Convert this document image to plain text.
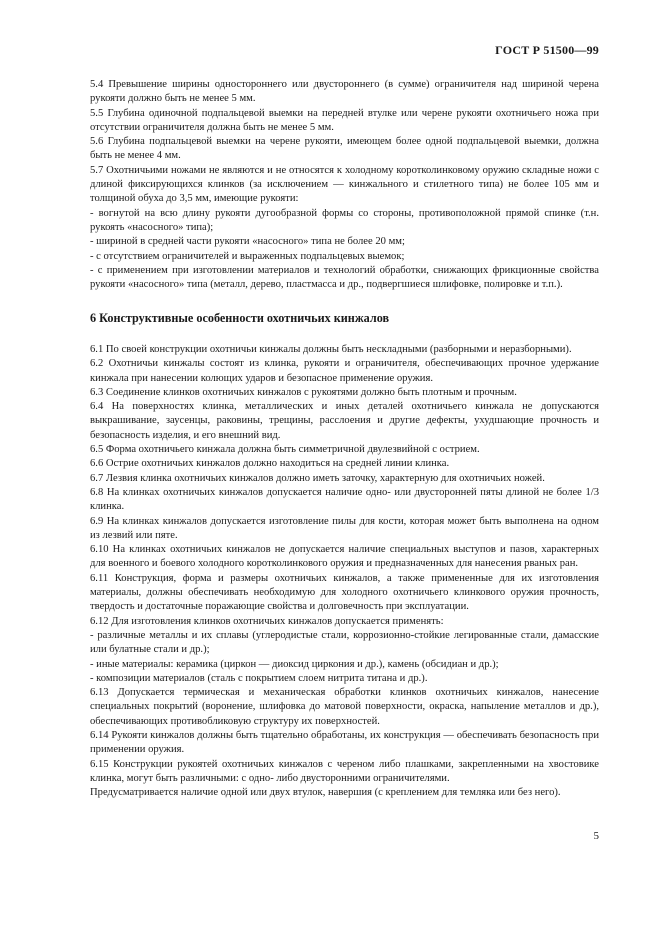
ГОСТ Р 51500—99

5.4 Превышение ширины одностороннего или двустороннего (в сумме) ограничителя над шириной черена рукояти должно быть не менее 5 мм.

5.5 Глубина одиночной подпальцевой выемки на передней втулке или черене рукояти охотничьего ножа при отсутствии ограничителя должна быть не менее 5 мм.

5.6 Глубина подпальцевой выемки на черене рукояти, имеющем более одной подпальцевой выемки, должна быть не менее 4 мм.

5.7 Охотничьими ножами не являются и не относятся к холодному коротколинковому оружию складные ножи с длиной фиксирующихся клинков (за исключением — кинжального и стилетного типа) не более 105 мм и толщиной обуха до 3,5 мм, имеющие рукояти:

- вогнутой на всю длину рукояти дугообразной формы со стороны, противоположной прямой спинке (т.н. рукоять «насосного» типа);

- шириной в средней части рукояти «насосного» типа не более 20 мм;

- с отсутствием ограничителей и выраженных подпальцевых выемок;

- с применением при изготовлении материалов и технологий обработки, снижающих фрикционные свойства рукояти «насосного» типа (металл, дерево, пластмасса и др., подвергшиеся шлифовке, полировке и т.п.).

6 Конструктивные особенности охотничьих кинжалов

6.1 По своей конструкции охотничьи кинжалы должны быть нескладными (разборными и неразборными).

6.2 Охотничьи кинжалы состоят из клинка, рукояти и ограничителя, обеспечивающих прочное удержание кинжала при нанесении колющих ударов и безопасное применение оружия.

6.3 Соединение клинков охотничьих кинжалов с рукоятями должно быть плотным и прочным.

6.4 На поверхностях клинка, металлических и иных деталей охотничьего кинжала не допускаются выкрашивание, заусенцы, раковины, трещины, расслоения и другие дефекты, ухудшающие прочность и безопасность изделия, и его внешний вид.

6.5 Форма охотничьего кинжала должна быть симметричной двулезвийной с острием.

6.6 Острие охотничьих кинжалов должно находиться на средней линии клинка.

6.7 Лезвия клинка охотничьих кинжалов должно иметь заточку, характерную для охотничьих ножей.

6.8 На клинках охотничьих кинжалов допускается наличие одно- или двусторонней пяты длиной не более 1/3 клинка.

6.9 На клинках кинжалов допускается изготовление пилы для кости, которая может быть выполнена на одном из лезвий или пяте.

6.10 На клинках охотничьих кинжалов не допускается наличие специальных выступов и пазов, характерных для военного и боевого холодного коротколинкового оружия и предназначенных для нанесения рваных ран.

6.11 Конструкция, форма и размеры охотничьих кинжалов, а также примененные для их изготовления материалы, должны обеспечивать необходимую для холодного охотничьего клинкового оружия прочность, твердость и достаточные поражающие свойства и долговечность при эксплуатации.

6.12 Для изготовления клинков охотничьих кинжалов допускается применять:

- различные металлы и их сплавы (углеродистые стали, коррозионно-стойкие легированные стали, дамасские или булатные стали и др.);

- иные материалы: керамика (циркон — диоксид циркония и др.), камень (обсидиан и др.);

- композиции материалов (сталь с покрытием слоем нитрита титана и др.).

6.13 Допускается термическая и механическая обработки клинков охотничьих кинжалов, нанесение специальных покрытий (воронение, шлифовка до матовой поверхности, окраска, напыление металлов и др.), обеспечивающих противобликовую структуру их поверхностей.

6.14 Рукояти кинжалов должны быть тщательно обработаны, их конструкция — обеспечивать безопасность при применении оружия.

6.15 Конструкции рукоятей охотничьих кинжалов с череном либо плашками, закрепленными на хвостовике клинка, могут быть различными: с одно- либо двусторонними ограничителями.

Предусматривается наличие одной или двух втулок, навершия (с креплением для темляка или без него).

5
